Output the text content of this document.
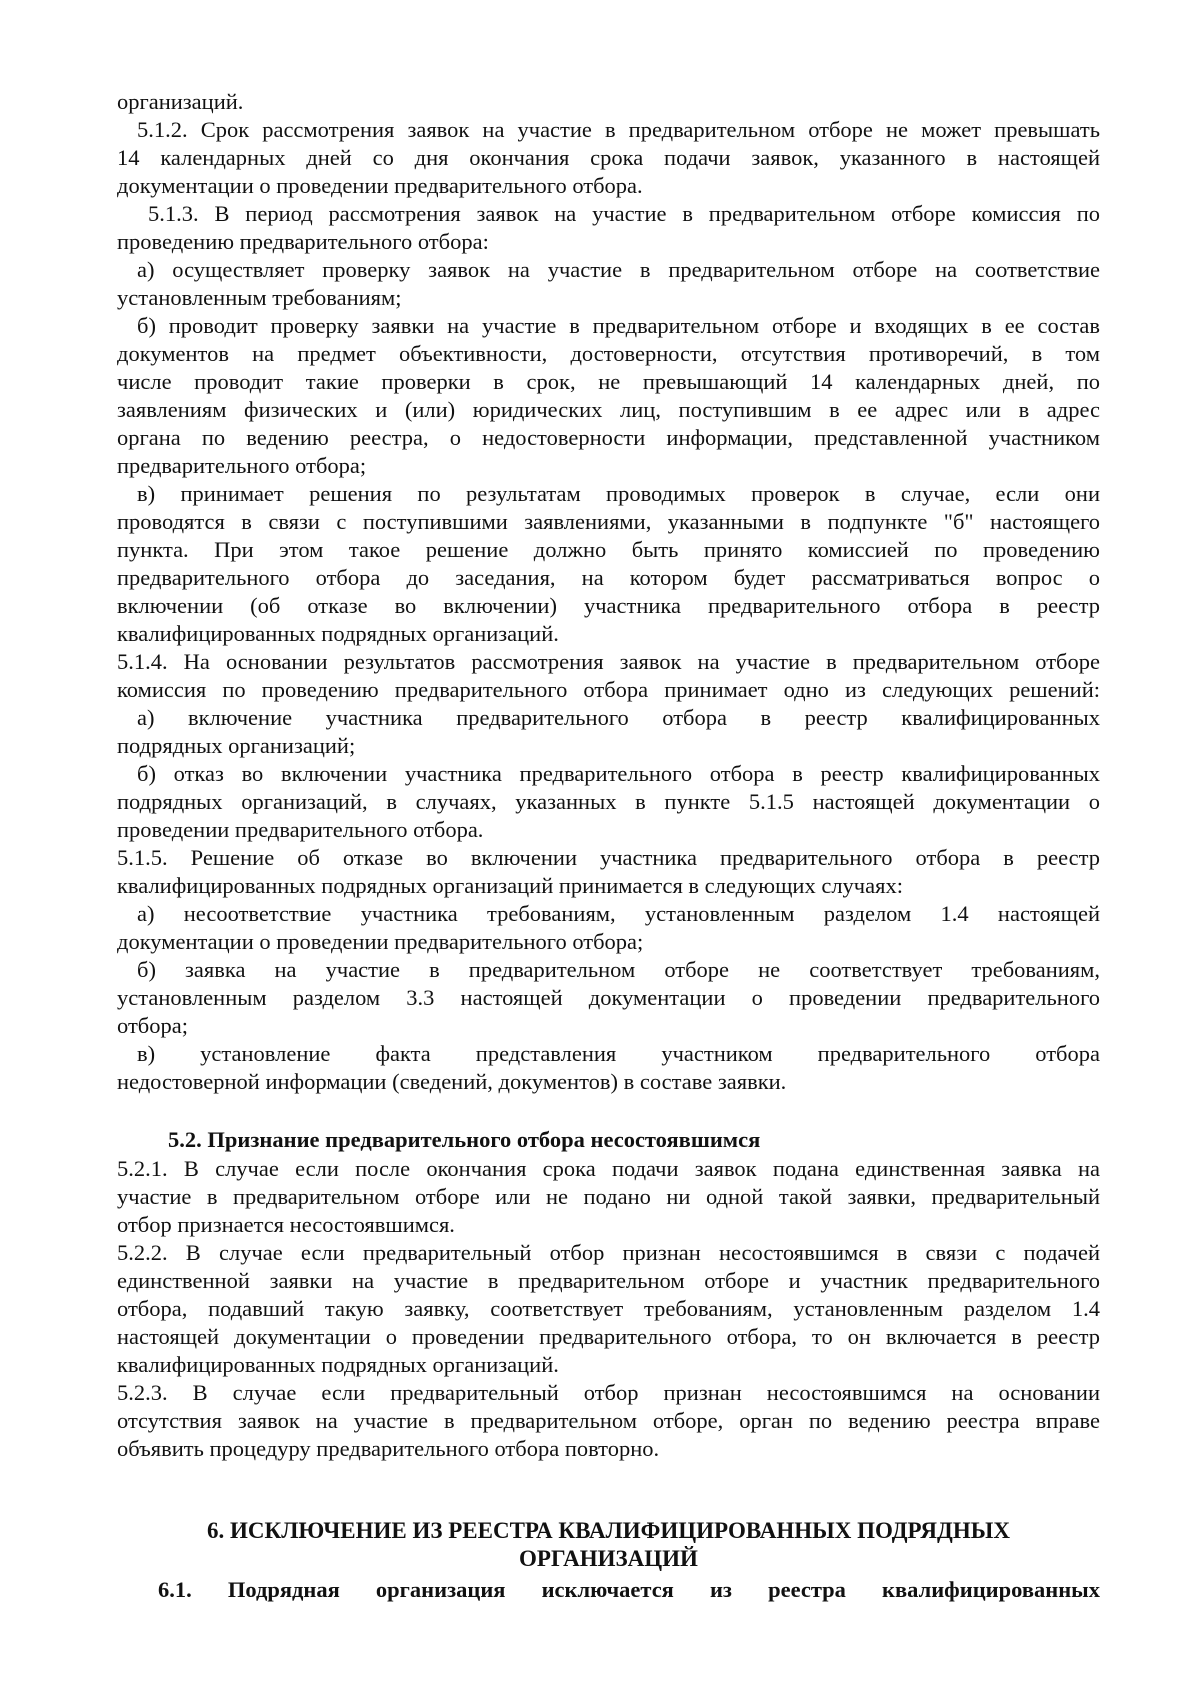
организаций.
5.1.2. Срок рассмотрения заявок на участие в предварительном отборе не может превышать
14 календарных дней со дня окончания срока подачи заявок, указанного в настоящей
документации о проведении предварительного отбора.
5.1.3. В период рассмотрения заявок на участие в предварительном отборе комиссия по
проведению предварительного отбора:
а) осуществляет проверку заявок на участие в предварительном отборе на соответствие
установленным требованиям;
б) проводит проверку заявки на участие в предварительном отборе и входящих в ее состав
документов на предмет объективности, достоверности, отсутствия противоречий, в том
числе проводит такие проверки в срок, не превышающий 14 календарных дней, по
заявлениям физических и (или) юридических лиц, поступившим в ее адрес или в адрес
органа по ведению реестра, о недостоверности информации, представленной участником
предварительного отбора;
в) принимает решения по результатам проводимых проверок в случае, если они
проводятся в связи с поступившими заявлениями, указанными в подпункте "б" настоящего
пункта. При этом такое решение должно быть принято комиссией по проведению
предварительного отбора до заседания, на котором будет рассматриваться вопрос о
включении (об отказе во включении) участника предварительного отбора в реестр
квалифицированных подрядных организаций.
5.1.4. На основании результатов рассмотрения заявок на участие в предварительном отборе
комиссия по проведению предварительного отбора принимает одно из следующих решений:
а) включение участника предварительного отбора в реестр квалифицированных
подрядных организаций;
б) отказ во включении участника предварительного отбора в реестр квалифицированных
подрядных организаций, в случаях, указанных в пункте 5.1.5 настоящей документации о
проведении предварительного отбора.
5.1.5. Решение об отказе во включении участника предварительного отбора в реестр
квалифицированных подрядных организаций принимается в следующих случаях:
а) несоответствие участника требованиям, установленным разделом 1.4 настоящей
документации о проведении предварительного отбора;
б) заявка на участие в предварительном отборе не соответствует требованиям,
установленным разделом 3.3 настоящей документации о проведении предварительного
отбора;
в) установление факта представления участником предварительного отбора
недостоверной информации (сведений, документов) в составе заявки.
5.2. Признание предварительного отбора несостоявшимся
5.2.1. В случае если после окончания срока подачи заявок подана единственная заявка на
участие в предварительном отборе или не подано ни одной такой заявки, предварительный
отбор признается несостоявшимся.
5.2.2. В случае если предварительный отбор признан несостоявшимся в связи с подачей
единственной заявки на участие в предварительном отборе и участник предварительного
отбора, подавший такую заявку, соответствует требованиям, установленным разделом 1.4
настоящей документации о проведении предварительного отбора, то он включается в реестр
квалифицированных подрядных организаций.
5.2.3. В случае если предварительный отбор признан несостоявшимся на основании
отсутствия заявок на участие в предварительном отборе, орган по ведению реестра вправе
объявить процедуру предварительного отбора повторно.
6. ИСКЛЮЧЕНИЕ ИЗ РЕЕСТРА КВАЛИФИЦИРОВАННЫХ ПОДРЯДНЫХ
ОРГАНИЗАЦИЙ
6.1. Подрядная организация исключается из реестра квалифицированных
